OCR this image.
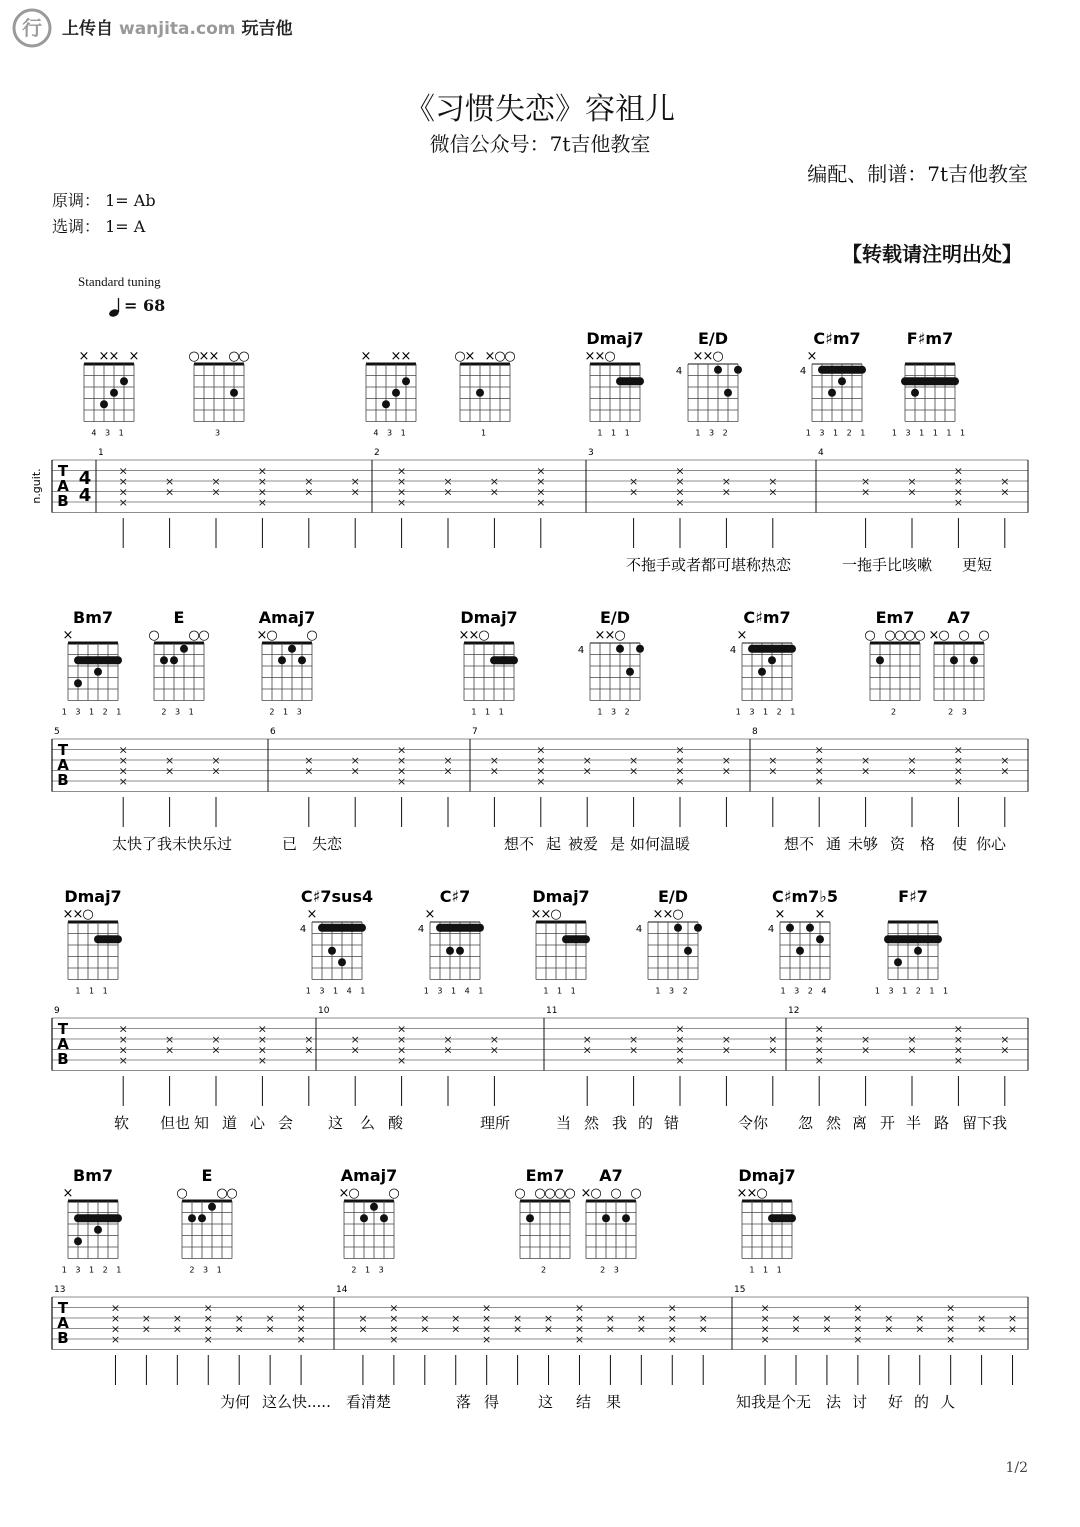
行 上传自 wanjita.com 玩吉他
《习惯失恋》容祖儿
微信公众号：7t吉他教室
编配、制谱：7t吉他教室
原调： 1= Ab
选调： 1= A
【转载请注明出处】
Standard tuning
= 68
1/2
× × × ×
4 3 1
○
× × ○
○
3
× × ×
4 3 1
○
× ×
○
○
1
Dmaj7
× ×
○
1 1 1
E/D
× ×
○
4
1 3 2
C♯m7
×
4
1 3 1 2 1
F♯m7
1 3 1 1 1 1
T
A
B
4
4
n.guit.
1	2	3	4
×
×
×
×
×
×
×
×
×
×
×
×
×
×
×
×
×
×
×
×
×
×
×
×
×
×
×
×
×
×
×
×
×
×
×
×
×
×
×
×
×
×
×
×
×
×
×
×
不拖手或者都可堪称热恋	一拖手比咳嗽 更短
Bm7
×
1 3 1 2 1
E
○ ○
○
2 3 1
Amaj7
×
○ ○
2 1 3
Dmaj7
× ×
○
1 1 1
E/D
× ×
○
4
1 3 2
C♯m7
×
4
1 3 1 2 1
Em7
○ ○
○
○
○
2
A7
×
○ ○ ○
2 3
T
A
B
5	6	7	8
×
×
×
×
×
×
×
×
×
×
×
×
×
×
×
×
×
×
×
×
×
×
×
×
×
×
×
×
×
×
×
×
×
×
×
×
×
×
×
×
×
×
×
×
×
×
×
×
×
×
太快了我未快乐过	已 失恋	想不 起 被爱 是 如何温暖	想不 通 未够 资 格 使 你心
Dmaj7
× ×
○
1 1 1
C♯7sus4
×
4
1 3 1 4 1
C♯7
×
4
1 3 1 4 1
Dmaj7
× ×
○
1 1 1
E/D
× ×
○
4
1 3 2
C♯m7♭5
× ×
4
1 3 2 4
F♯7
1 3 1 2 1 1
T
A
B
9	10	11	12
×
×
×
×
×
×
×
×
×
×
×
×
×
×
×
×
×
×
×
×
×
×
×
×
×
×
×
×
×
×
×
×
×
×
×
×
×
×
×
×
×
×
×
×
×
×
×
×
×
×
软 但也 知 道 心 会 这 么 酸	理所	当 然 我 的 错	令你 忽 然 离 开 半 路 留下我
Bm7
×
1 3 1 2 1
E
○ ○
○
2 3 1
Amaj7
×
○ ○
2 1 3
Em7
○ ○
○
○
○
2
A7
×
○ ○ ○
2 3
Dmaj7
× ×
○
1 1 1
T
A
B
13	14	15
×
×
×
×
×
×
×
×
×
×
×
×
×
×
×
×
×
×
×
×
×
×
×
×
×
×
×
×
×
×
×
×
×
×
×
×
×
×
×
×
×
×
×
×
×
×
×
×
×
×
×
×
×
×
×
×
×
×
×
×
×
×
×
×
×
×
×
×
×
×
×
×
×
×
×
×
为何 这么快..... 看清楚	落 得	这 结 果	知我是个无 法 讨 好 的 人
